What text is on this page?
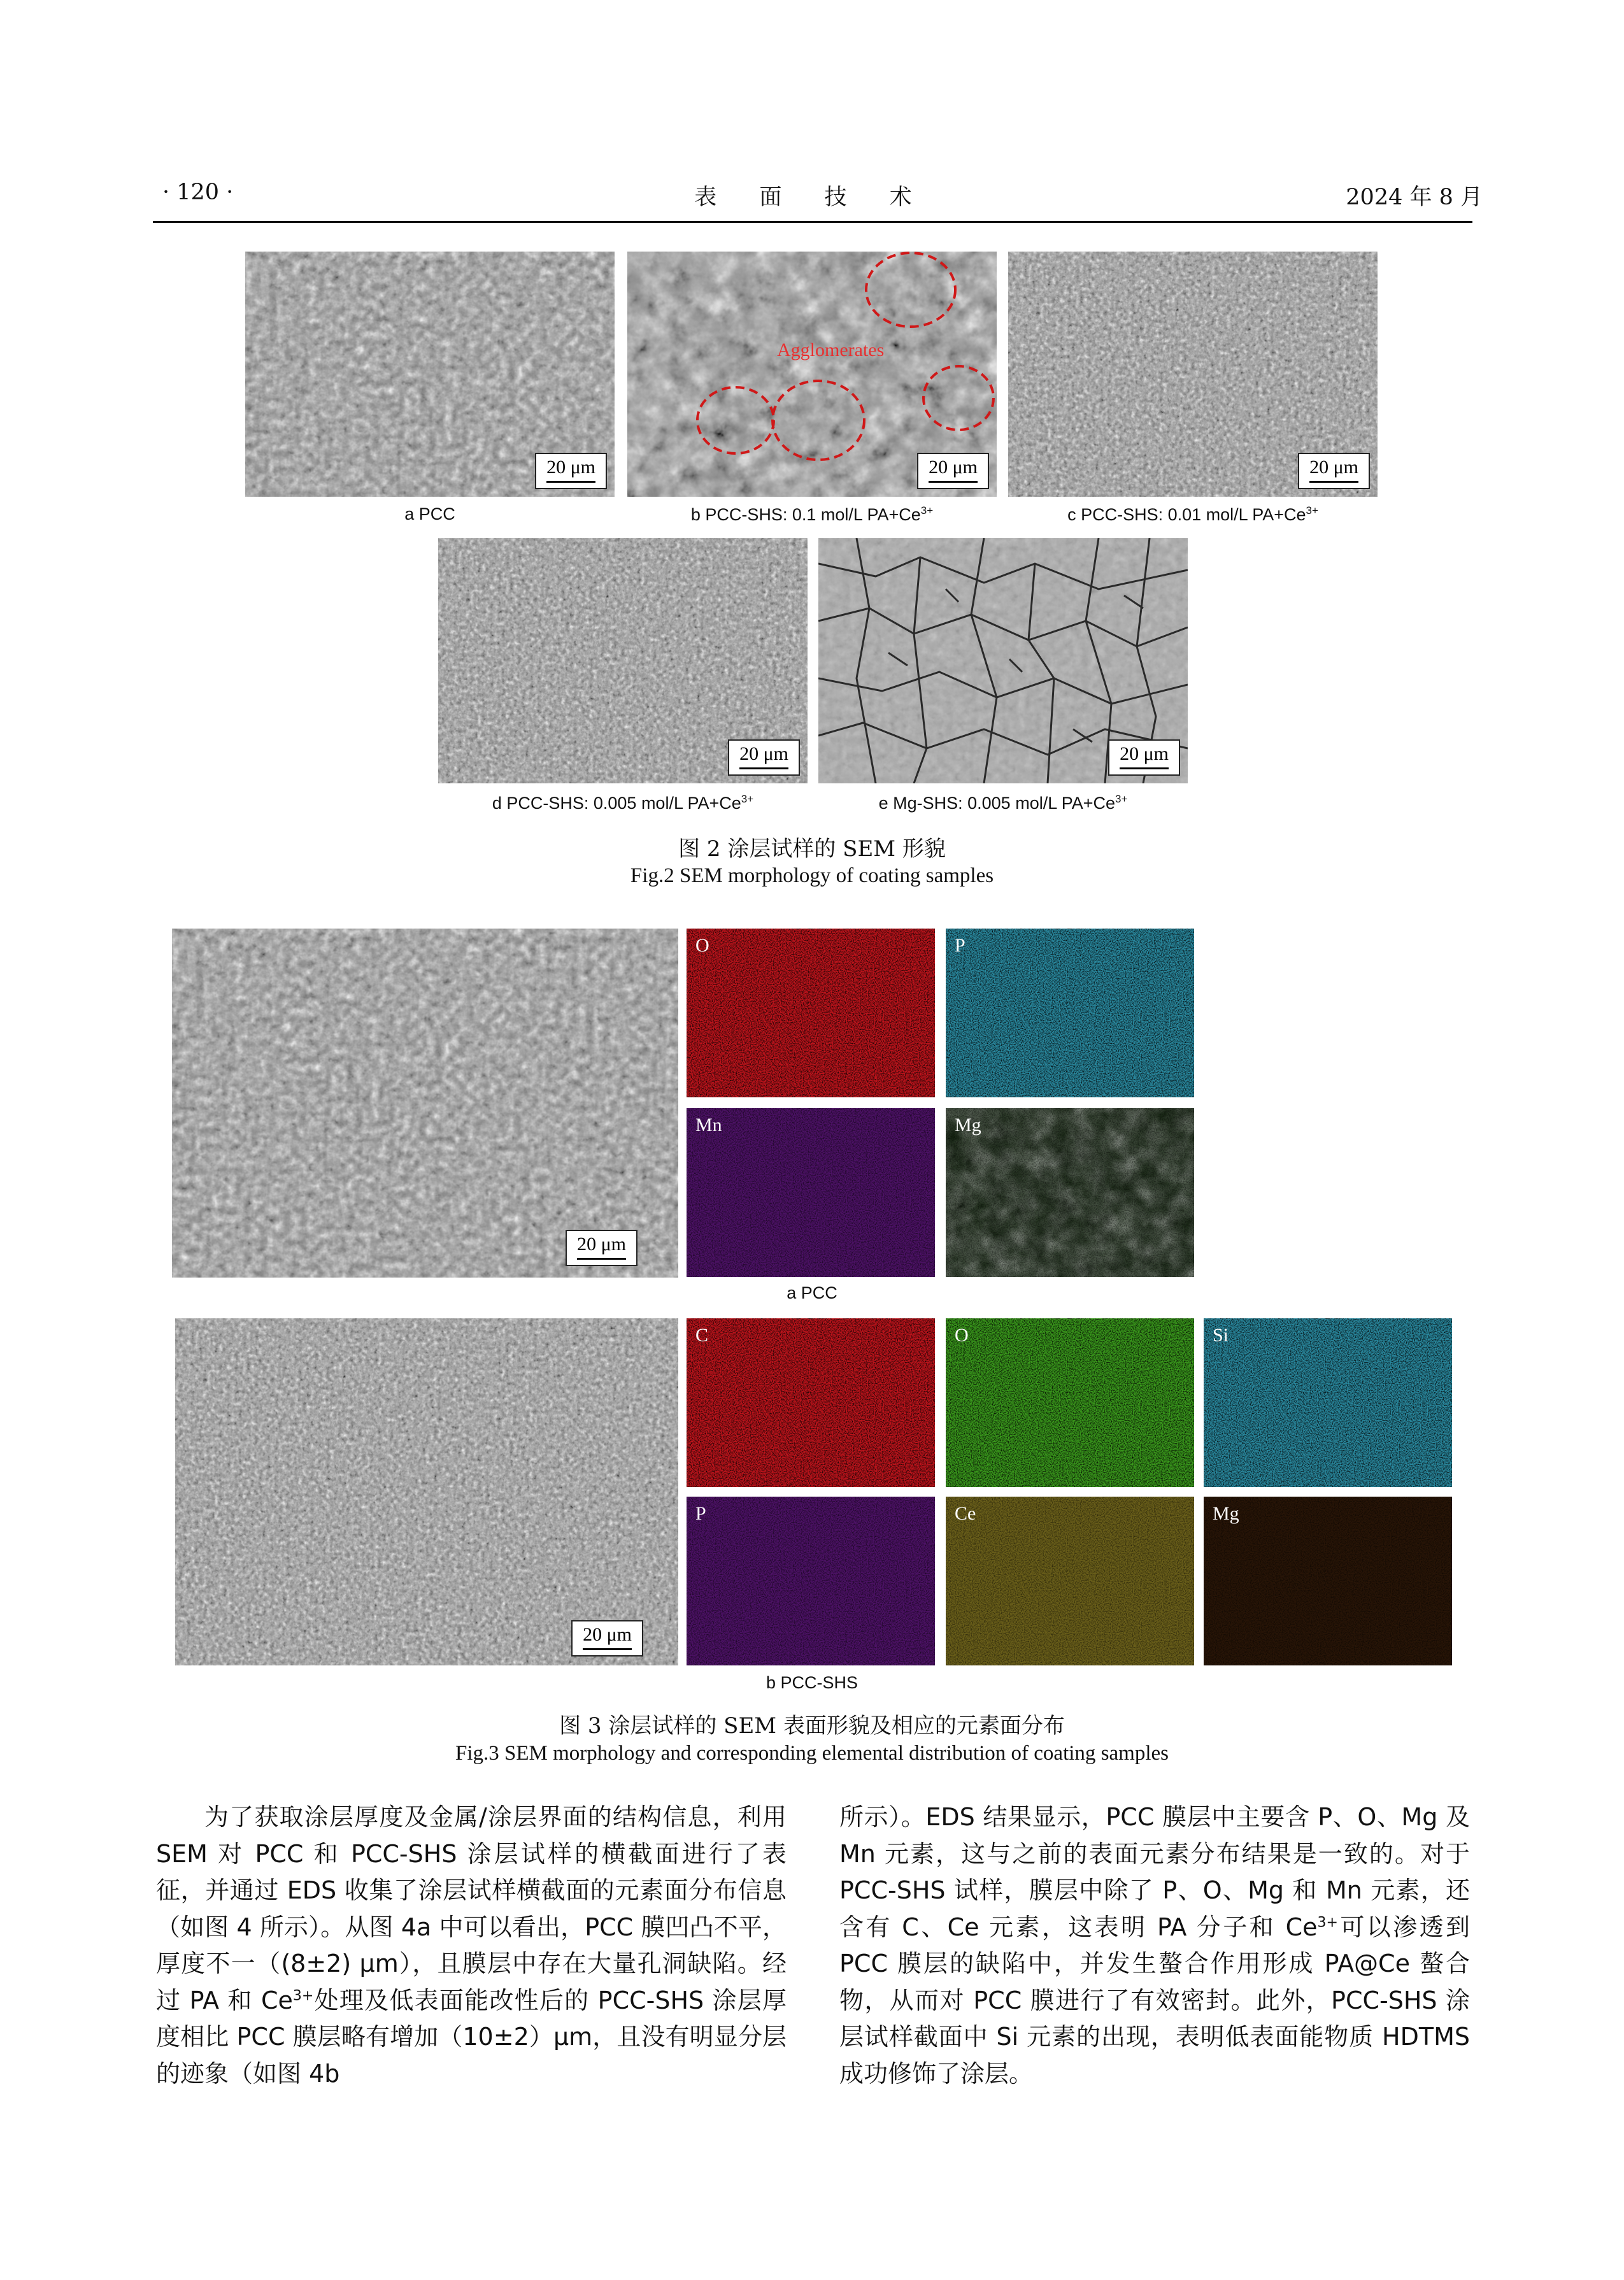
· 120 ·	表 面 技 术	2024 年 8 月
20 μm
a PCC
Agglomerates
20 μm
b PCC-SHS: 0.1 mol/L $PA+Ce^{3+}$
20 μm
c PCC-SHS: 0.01 mol/L $PA+Ce^{3+}$
20 μm
d PCC-SHS: 0.005 mol/L $PA+Ce^{3+}$
20 μm
e Mg-SHS: 0.005 mol/L $PA+Ce^{3+}$
图 2 涂层试样的 SEM 形貌
Fig.2 SEM morphology of coating samples
20 μm
O	P
Mn	Mg
a PCC
20 μm
C	O	Si
P	Ce	Mg
b PCC-SHS
图 3 涂层试样的 SEM 表面形貌及相应的元素面分布
Fig.3 SEM morphology and corresponding elemental distribution of coating samples

为了获取涂层厚度及金属/涂层界面的结构信息，利用 SEM 对 PCC 和 PCC-SHS 涂层试样的横截面进行了表征，并通过 EDS 收集了涂层试样横截面的元素面分布信息（如图 4 所示）。从图 4a 中可以看出，PCC 膜凹凸不平，厚度不一（(8±2) μm），且膜层中存在大量孔洞缺陷。经过 PA 和 $Ce^{3+}$处理及低表面能改性后的 PCC-SHS 涂层厚度相比 PCC 膜层略有增加（10±2）μm，且没有明显分层的迹象（如图 4b

所示）。EDS 结果显示，PCC 膜层中主要含 P、O、Mg 及 Mn 元素，这与之前的表面元素分布结果是一致的。对于 PCC-SHS 试样，膜层中除了 P、O、Mg 和 Mn 元素，还含有 C、Ce 元素，这表明 PA 分子和 $Ce^{3+}$可以渗透到 PCC 膜层的缺陷中，并发生螯合作用形成 PA@Ce 螯合物，从而对 PCC 膜进行了有效密封。此外，PCC-SHS 涂层试样截面中 Si 元素的出现，表明低表面能物质 HDTMS 成功修饰了涂层。
